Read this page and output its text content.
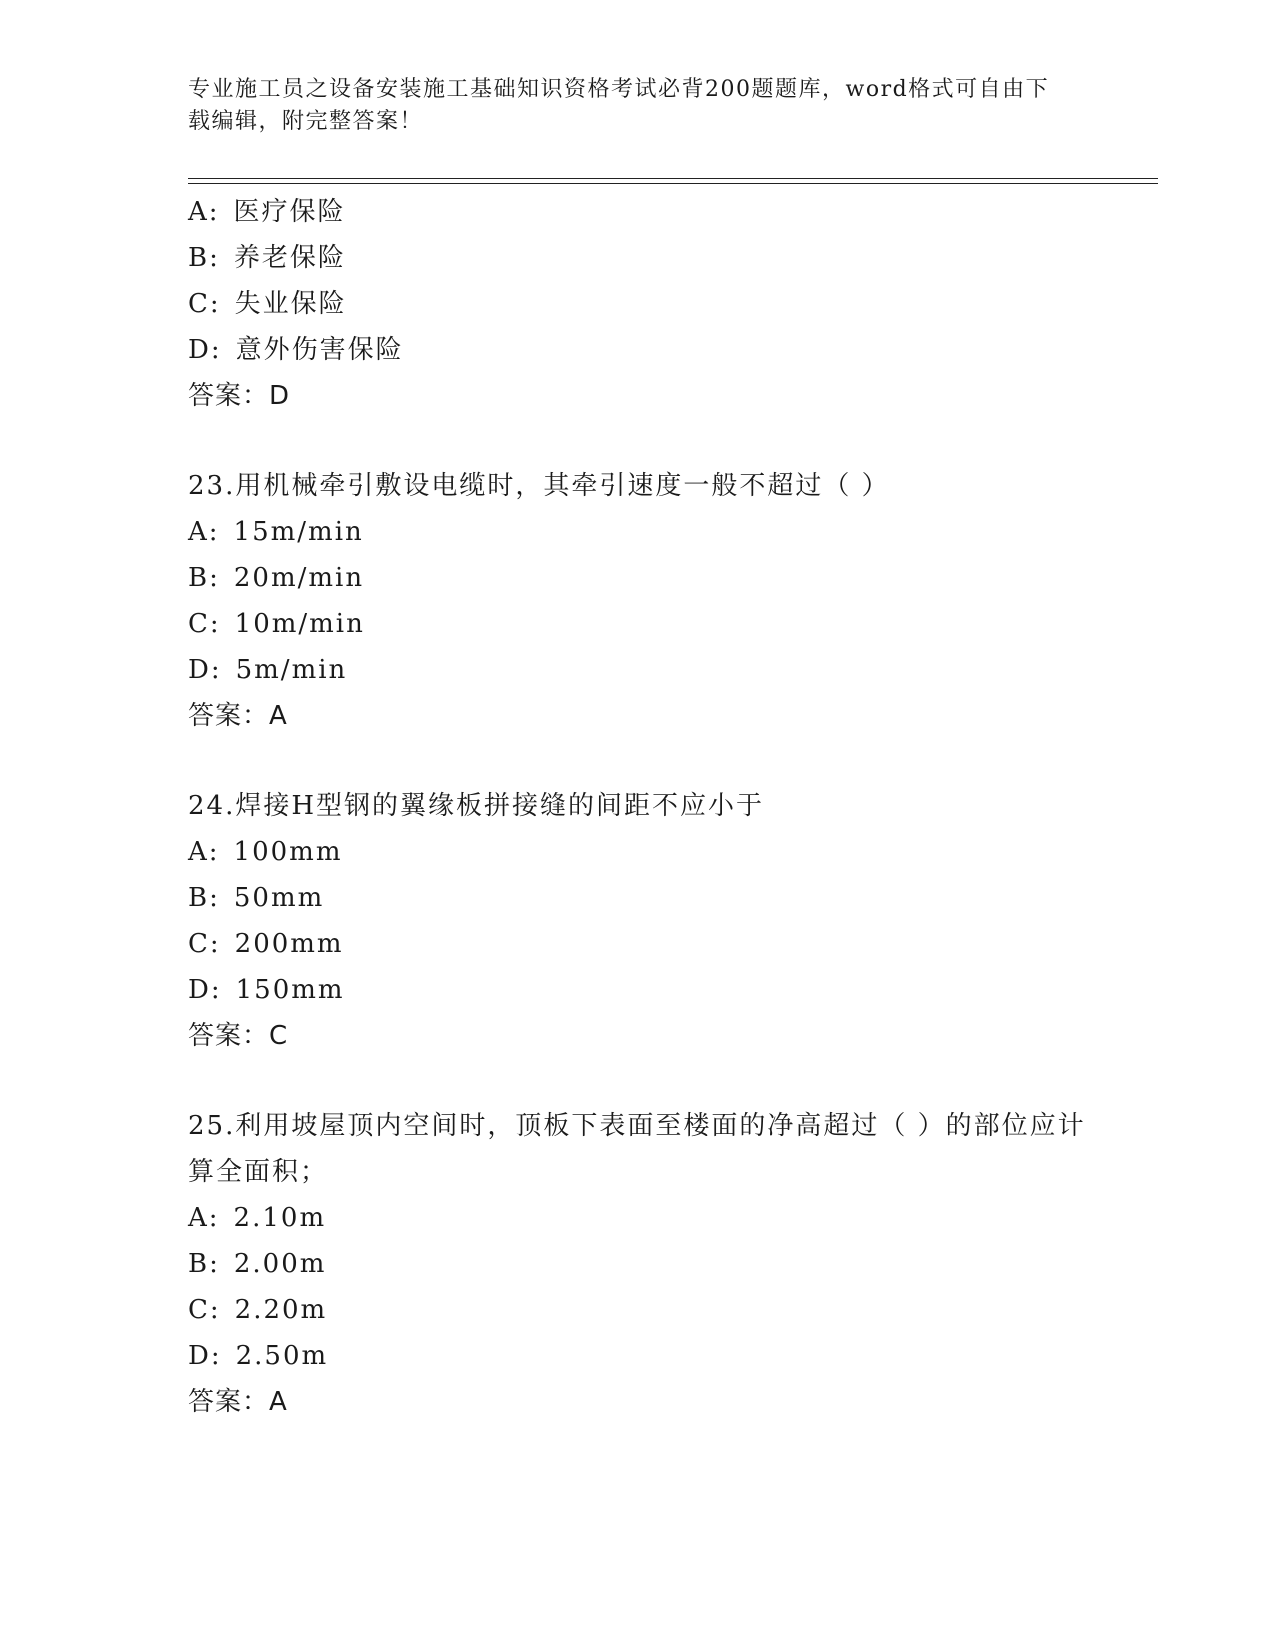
专业施工员之设备安装施工基础知识资格考试必背200题题库，word格式可自由下载编辑，附完整答案！
A: 医疗保险
B: 养老保险
C: 失业保险
D: 意外伤害保险
答案：D
23.用机械牵引敷设电缆时，其牵引速度一般不超过（ ）
A: 15m/min
B: 20m/min
C: 10m/min
D: 5m/min
答案：A
24.焊接H型钢的翼缘板拼接缝的间距不应小于
A: 100mm
B: 50mm
C: 200mm
D: 150mm
答案：C
25.利用坡屋顶内空间时，顶板下表面至楼面的净高超过（ ）的部位应计算全面积；
A: 2.10m
B: 2.00m
C: 2.20m
D: 2.50m
答案：A
